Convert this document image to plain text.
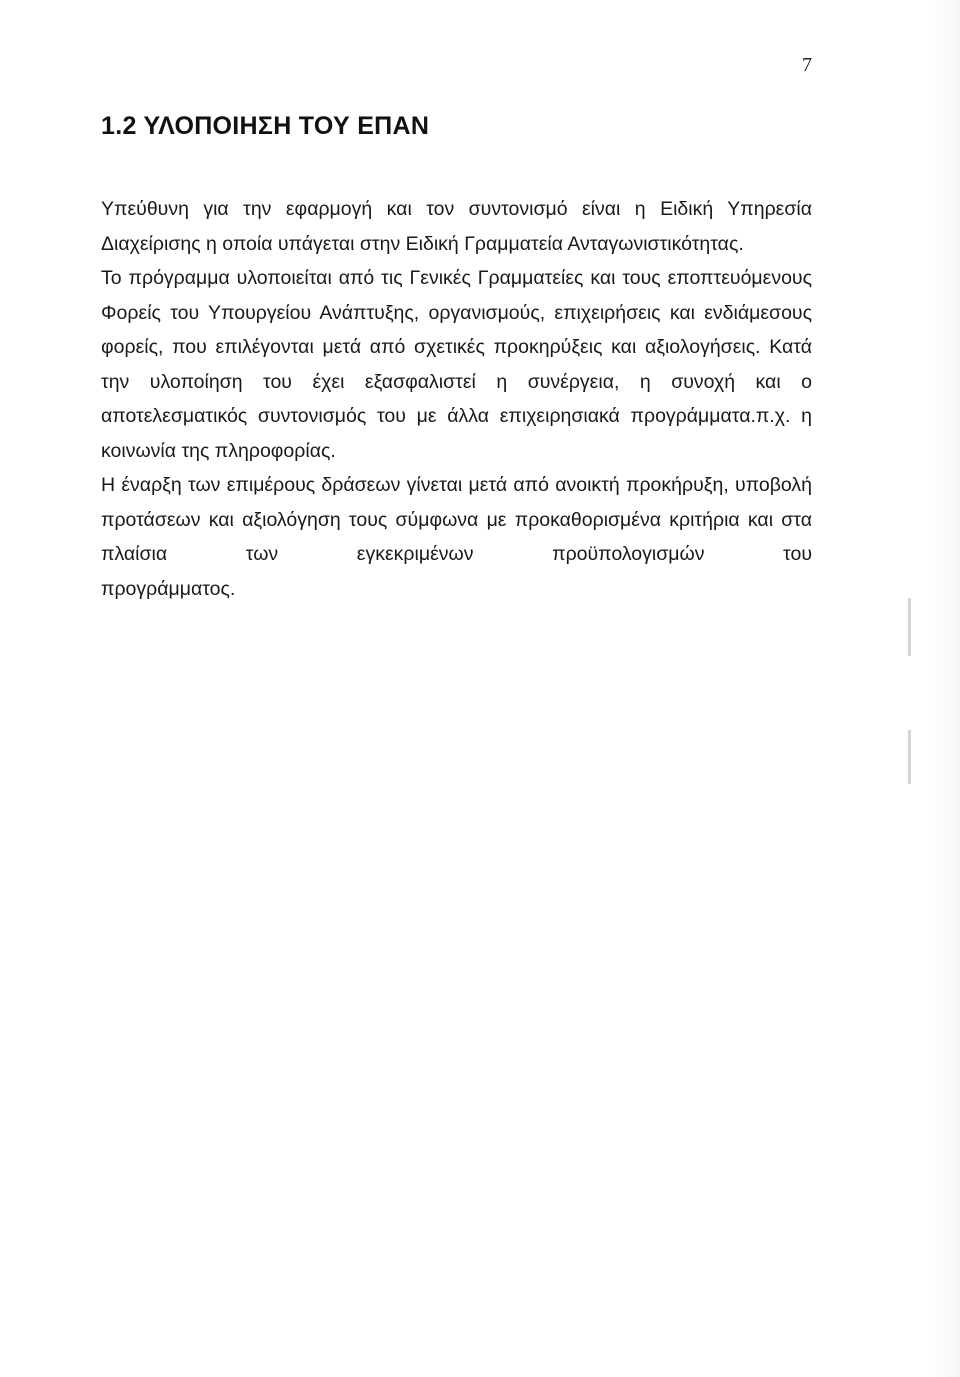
7
1.2 ΥΛΟΠΟΙΗΣΗ ΤΟΥ ΕΠΑΝ

Υπεύθυνη για την εφαρμογή και τον συντονισμό είναι η Ειδική Υπηρεσία Διαχείρισης η οποία υπάγεται στην Ειδική Γραμματεία Ανταγωνιστικότητας.

Το πρόγραμμα υλοποιείται από τις Γενικές Γραμματείες και τους εποπτευόμενους Φορείς του Υπουργείου Ανάπτυξης, οργανισμούς, επιχειρήσεις και ενδιάμεσους φορείς, που επιλέγονται μετά από σχετικές προκηρύξεις και αξιολογήσεις. Κατά την υλοποίηση του έχει εξασφαλιστεί η συνέργεια, η συνοχή και ο αποτελεσματικός συντονισμός του με άλλα επιχειρησιακά προγράμματα.π.χ. η κοινωνία της πληροφορίας.

Η έναρξη των επιμέρους δράσεων γίνεται μετά από ανοικτή προκήρυξη, υποβολή προτάσεων και αξιολόγηση τους σύμφωνα με προκαθορισμένα κριτήρια και στα πλαίσια των εγκεκριμένων προϋπολογισμών του

προγράμματος.
